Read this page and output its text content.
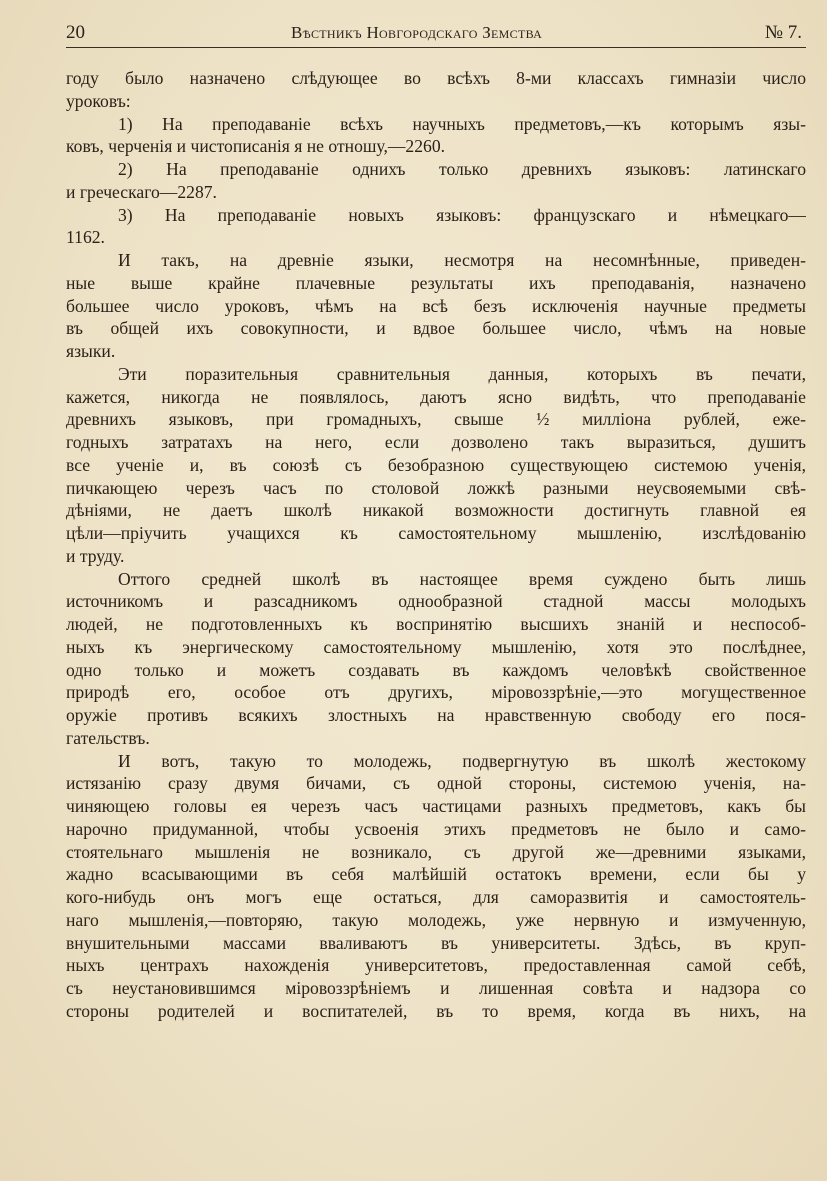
20	Вѣстникъ Новгородскаго Земства	№ 7.
году было назначено слѣдующее во всѣхъ 8-ми классахъ гимназіи число
уроковъ:
1) На преподаваніе всѣхъ научныхъ предметовъ,—къ которымъ язы-
ковъ, черченія и чистописанія я не отношу,—2260.
2) На преподаваніе однихъ только древнихъ языковъ: латинскаго
и греческаго—2287.
3) На преподаваніе новыхъ языковъ: французскаго и нѣмецкаго—
1162.
И такъ, на древніе языки, несмотря на несомнѣнные, приведен-
ные выше крайне плачевные результаты ихъ преподаванія, назначено
большее число уроковъ, чѣмъ на всѣ безъ исключенія научные предметы
въ общей ихъ совокупности, и вдвое большее число, чѣмъ на новые
языки.
Эти поразительныя сравнительныя данныя, которыхъ въ печати,
кажется, никогда не появлялось, даютъ ясно видѣть, что преподаваніе
древнихъ языковъ, при громадныхъ, свыше ½ милліона рублей, еже-
годныхъ затратахъ на него, если дозволено такъ выразиться, душитъ
все ученіе и, въ союзѣ съ безобразною существующею системою ученія,
пичкающею черезъ часъ по столовой ложкѣ разными неусвояемыми свѣ-
дѣніями, не даетъ школѣ никакой возможности достигнуть главной ея
цѣли—пріучить учащихся къ самостоятельному мышленію, изслѣдованію
и труду.
Оттого средней школѣ въ настоящее время суждено быть лишь
источникомъ и разсадникомъ однообразной стадной массы молодыхъ
людей, не подготовленныхъ къ воспринятію высшихъ знаній и неспособ-
ныхъ къ энергическому самостоятельному мышленію, хотя это послѣднее,
одно только и можетъ создавать въ каждомъ человѣкѣ свойственное
природѣ его, особое отъ другихъ, міровоззрѣніе,—это могущественное
оружіе противъ всякихъ злостныхъ на нравственную свободу его пося-
гательствъ.
И вотъ, такую то молодежь, подвергнутую въ школѣ жестокому
истязанію сразу двумя бичами, съ одной стороны, системою ученія, на-
чиняющею головы ея черезъ часъ частицами разныхъ предметовъ, какъ бы
нарочно придуманной, чтобы усвоенія этихъ предметовъ не было и само-
стоятельнаго мышленія не возникало, съ другой же—древними языками,
жадно всасывающими въ себя малѣйшій остатокъ времени, если бы у
кого-нибудь онъ могъ еще остаться, для саморазвитія и самостоятель-
наго мышленія,—повторяю, такую молодежь, уже нервную и измученную,
внушительными массами вваливаютъ въ университеты. Здѣсь, въ круп-
ныхъ центрахъ нахожденія университетовъ, предоставленная самой себѣ,
съ неустановившимся міровоззрѣніемъ и лишенная совѣта и надзора со
стороны родителей и воспитателей, въ то время, когда въ нихъ, на
